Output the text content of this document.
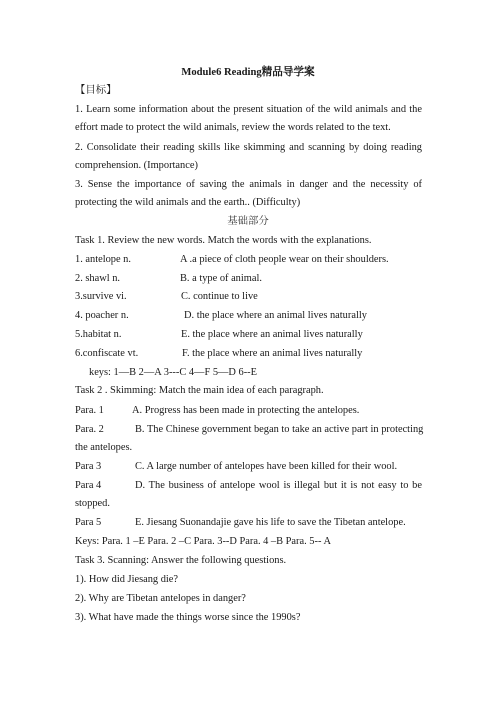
Module6 Reading精品导学案
【目标】
1. Learn some information about the present situation of the wild animals and the
effort made to protect the wild animals, review the words related to the text.
2. Consolidate their reading skills like skimming and scanning by doing reading
comprehension. (Importance)
3. Sense the importance of saving the animals in danger and the necessity of
protecting the wild animals and the earth.. (Difficulty)
基础部分
Task 1. Review the new words. Match the words with the explanations.
1. antelope n.	A .a piece of cloth people wear on their shoulders.
2. shawl n.	B. a type of animal.
3.survive vi.	C. continue to live
4. poacher n.	D. the place where an animal lives naturally
5.habitat n.	E. the place where an animal lives naturally
6.confiscate vt.	F. the place where an animal lives naturally
keys: 1—B 2—A 3---C 4—F 5—D 6--E
Task 2 . Skimming: Match the main idea of each paragraph.
Para. 1	A. Progress has been made in protecting the antelopes.
Para. 2	B. The Chinese government began to take an active part in protecting
the antelopes.
Para 3	C. A large number of antelopes have been killed for their wool.
Para 4	D. The business of antelope wool is illegal but it is not easy to be
stopped.
Para 5	E. Jiesang Suonandajie gave his life to save the Tibetan antelope.
Keys: Para. 1 –E Para. 2 –C Para. 3--D Para. 4 –B Para. 5-- A
Task 3. Scanning: Answer the following questions.
1). How did Jiesang die?
2). Why are Tibetan antelopes in danger?
3). What have made the things worse since the 1990s?
